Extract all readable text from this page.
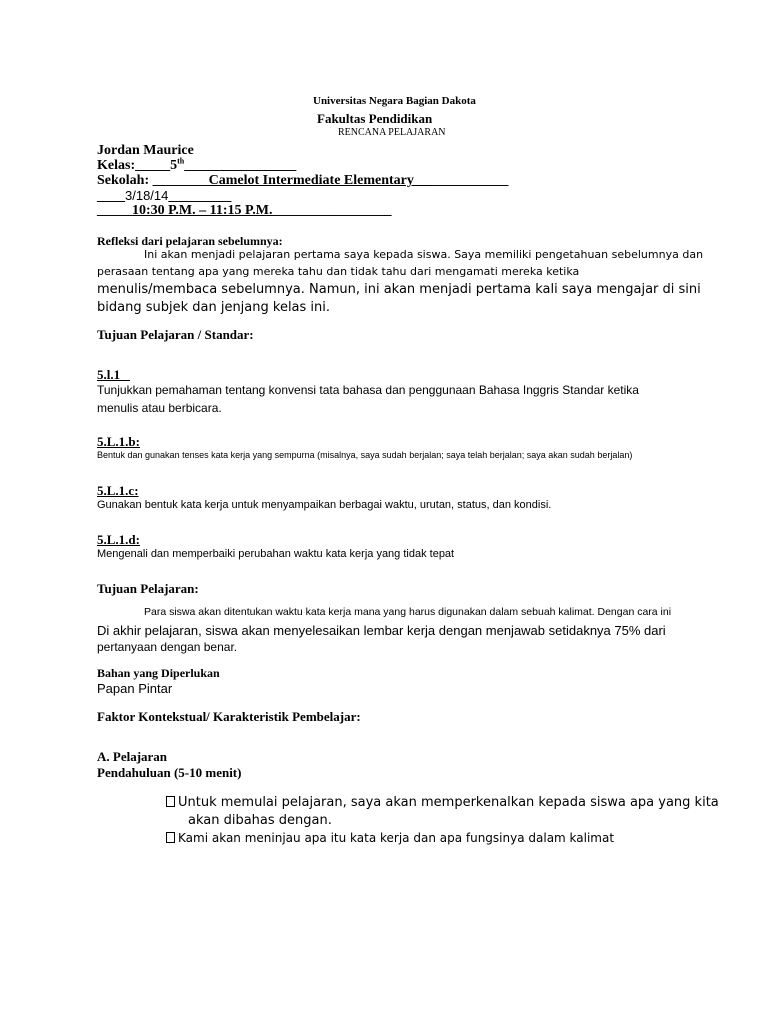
Universitas Negara Bagian Dakota
Fakultas Pendidikan
RENCANA PELAJARAN
Jordan Maurice
Kelas:_____5th________________
Sekolah: ________Camelot Intermediate Elementary _____________
____3/18/14_________
_____10:30 P.M. – 11:15 P.M._________________
Refleksi dari pelajaran sebelumnya:
Ini akan menjadi pelajaran pertama saya kepada siswa. Saya memiliki pengetahuan sebelumnya dan
perasaan tentang apa yang mereka tahu dan tidak tahu dari mengamati mereka ketika
menulis/membaca sebelumnya. Namun, ini akan menjadi pertama kali saya mengajar di sini
bidang subjek dan jenjang kelas ini.
Tujuan Pelajaran / Standar:
5.l.1 _
Tunjukkan pemahaman tentang konvensi tata bahasa dan penggunaan Bahasa Inggris Standar ketika
menulis atau berbicara.
5.L.1.b:
Bentuk dan gunakan tenses kata kerja yang sempurna (misalnya, saya sudah berjalan; saya telah berjalan; saya akan sudah berjalan)
5.L.1.c:
Gunakan bentuk kata kerja untuk menyampaikan berbagai waktu, urutan, status, dan kondisi.
5.L.1.d:
Mengenali dan memperbaiki perubahan waktu kata kerja yang tidak tepat
Tujuan Pelajaran:
Para siswa akan ditentukan waktu kata kerja mana yang harus digunakan dalam sebuah kalimat. Dengan cara ini
Di akhir pelajaran, siswa akan menyelesaikan lembar kerja dengan menjawab setidaknya 75% dari
pertanyaan dengan benar.
Bahan yang Diperlukan
Papan Pintar
Faktor Kontekstual/ Karakteristik Pembelajar:
A. Pelajaran
Pendahuluan (5-10 menit)
Untuk memulai pelajaran, saya akan memperkenalkan kepada siswa apa yang kita
akan dibahas dengan.
Kami akan meninjau apa itu kata kerja dan apa fungsinya dalam kalimat
